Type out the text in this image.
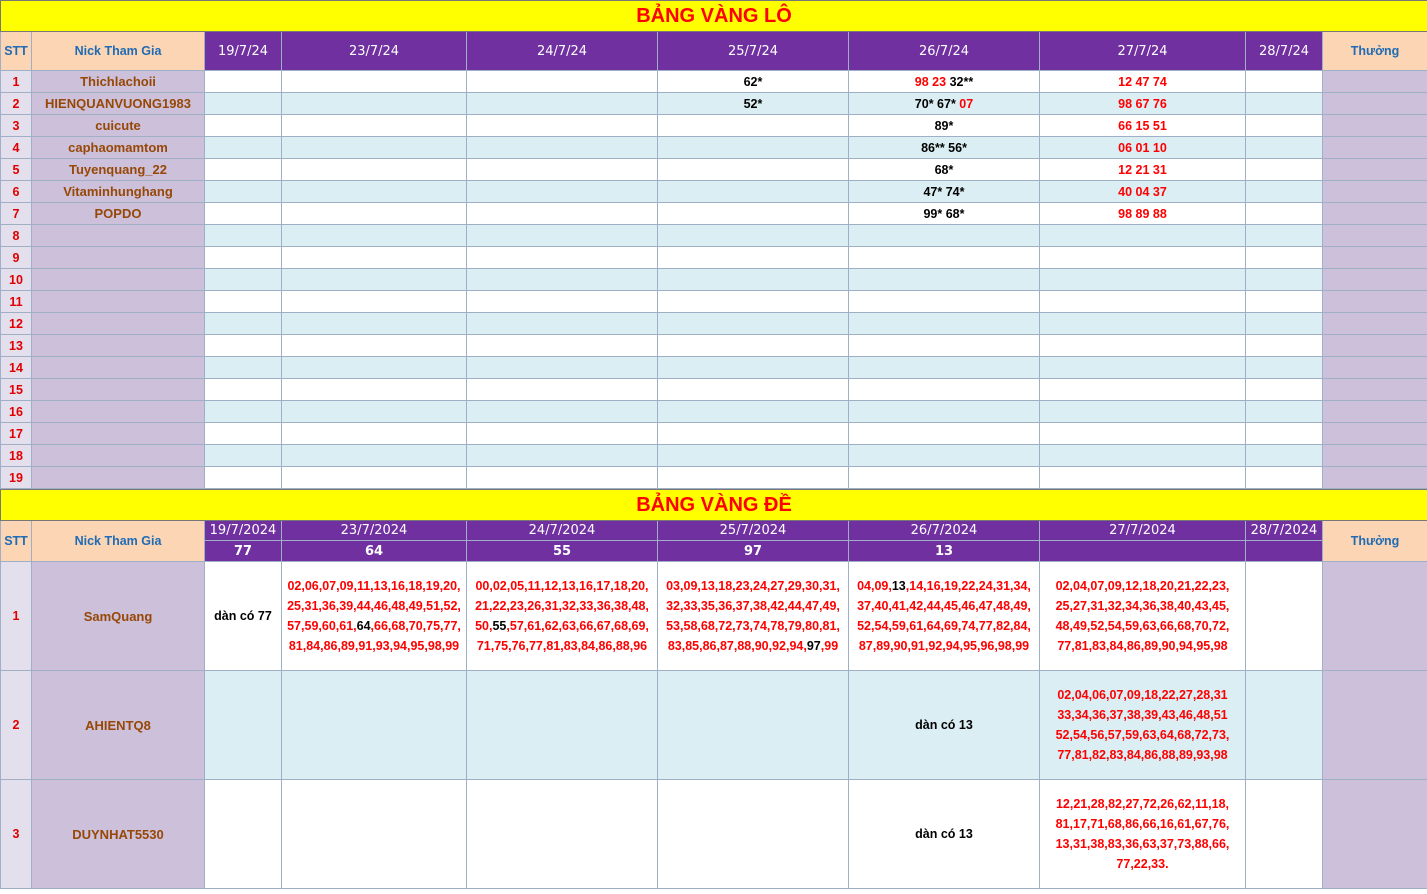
BẢNG VÀNG LÔ									
STT	Nick Tham Gia	19/7/24	23/7/24	24/7/24	25/7/24	26/7/24	27/7/24	28/7/24	Thưởng
1	Thichlachoii				62*	98 23 32**	12 47 74		
2	HIENQUANVUONG1983				52*	70* 67* 07	98 67 76		
3	cuicute					89*	66 15 51		
4	caphaomamtom					86** 56*	06 01 10		
5	Tuyenquang_22					68*	12 21 31		
6	Vitaminhunghang					47* 74*	40 04 37		
7	POPDO					99* 68*	98 89 88		
8									
9									
10									
11									
12									
13									
14									
15									
16									
17									
18									
19									
BẢNG VÀNG ĐỀ									
STT	Nick Tham Gia	19/7/2024	23/7/2024	24/7/2024	25/7/2024	26/7/2024	27/7/2024	28/7/2024	Thưởng
		77	64	55	97	13			
1	SamQuang	dàn có 77	02,06,07,09,11,13,16,18,19,20,
25,31,36,39,44,46,48,49,51,52,
57,59,60,61,64,66,68,70,75,77,
81,84,86,89,91,93,94,95,98,99	00,02,05,11,12,13,16,17,18,20,
21,22,23,26,31,32,33,36,38,48,
50,55,57,61,62,63,66,67,68,69,
71,75,76,77,81,83,84,86,88,96	03,09,13,18,23,24,27,29,30,31,
32,33,35,36,37,38,42,44,47,49,
53,58,68,72,73,74,78,79,80,81,
83,85,86,87,88,90,92,94,97,99	04,09,13,14,16,19,22,24,31,34,
37,40,41,42,44,45,46,47,48,49,
52,54,59,61,64,69,74,77,82,84,
87,89,90,91,92,94,95,96,98,99	02,04,07,09,12,18,20,21,22,23,
25,27,31,32,34,36,38,40,43,45,
48,49,52,54,59,63,66,68,70,72,
77,81,83,84,86,89,90,94,95,98		
2	AHIENTQ8					dàn có 13	02,04,06,07,09,18,22,27,28,31
33,34,36,37,38,39,43,46,48,51
52,54,56,57,59,63,64,68,72,73,
77,81,82,83,84,86,88,89,93,98		
3	DUYNHAT5530					dàn có 13	12,21,28,82,27,72,26,62,11,18,
81,17,71,68,86,66,16,61,67,76,
13,31,38,83,36,63,37,73,88,66,
77,22,33.		
